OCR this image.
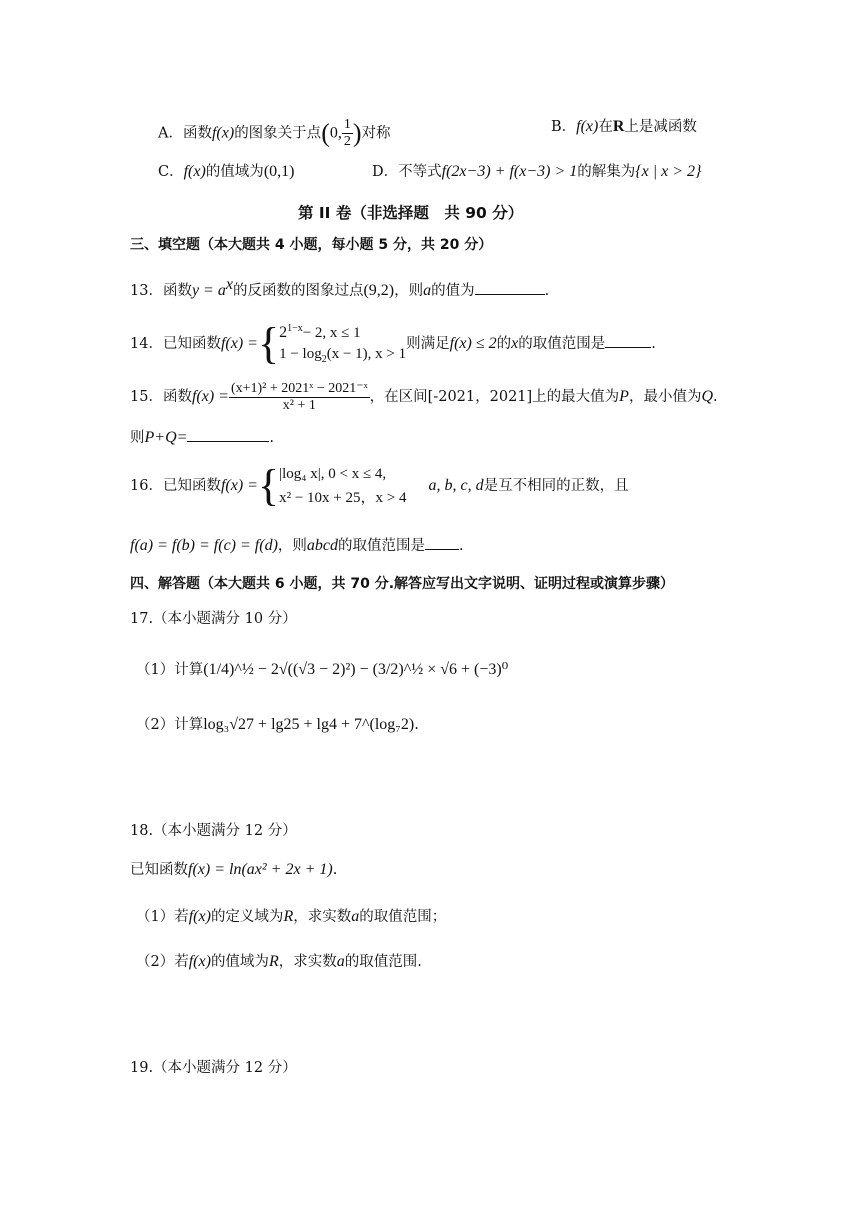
A．函数f(x)的图象关于点(0, $\frac{1}{2}$ )对称	B．f(x)在R上是减函数
C．f(x)的值域为(0,1)	D．不等式f(2x−3) + f(x−3) > 1的解集为{x | x > 2}
第 II 卷（非选择题　共 90 分）
三、填空题（本大题共 4 小题，每小题 5 分，共 20 分）
13．函数$y = a^x$的反函数的图象过点(9,2)，则a的值为	.
14．已知函数f(x) ={ $2^{1-x}- 2$, x ≤ 1
$1 - \log_2(x - 1)$, x > 1
则满足f(x) ≤ 2的x的取值范围是	.
15．函数$f(x) = \frac{\text{(x+1)² + 2021ˣ − 2021⁻ˣ}}{\text{x² + 1}}$ ，在区间[-2021，2021]上的最大值为P，最小值为Q.
则P+Q=	.
16．已知函数f(x) ={ |log₄ x|, 0 < x ≤ 4,
x² − 10x + 25，x > 4
a, b, c, d是互不相同的正数，且
f(a) = f(b) = f(c) = f(d)，则abcd的取值范围是 .
四、解答题（本大题共 6 小题，共 70 分.解答应写出文字说明、证明过程或演算步骤）
17.（本小题满分 10 分）
（1）计算(1/4)^½ − 2√((√3 − 2)²) − (3/2)^½ × √6 + (−3)⁰
（2）计算log₃√27 + lg25 + lg4 + 7^(log₇2).
18.（本小题满分 12 分）
已知函数f(x) = ln(ax² + 2x + 1).
（1）若f(x)的定义域为R，求实数a的取值范围；
（2）若f(x)的值域为R，求实数a的取值范围.
19.（本小题满分 12 分）
